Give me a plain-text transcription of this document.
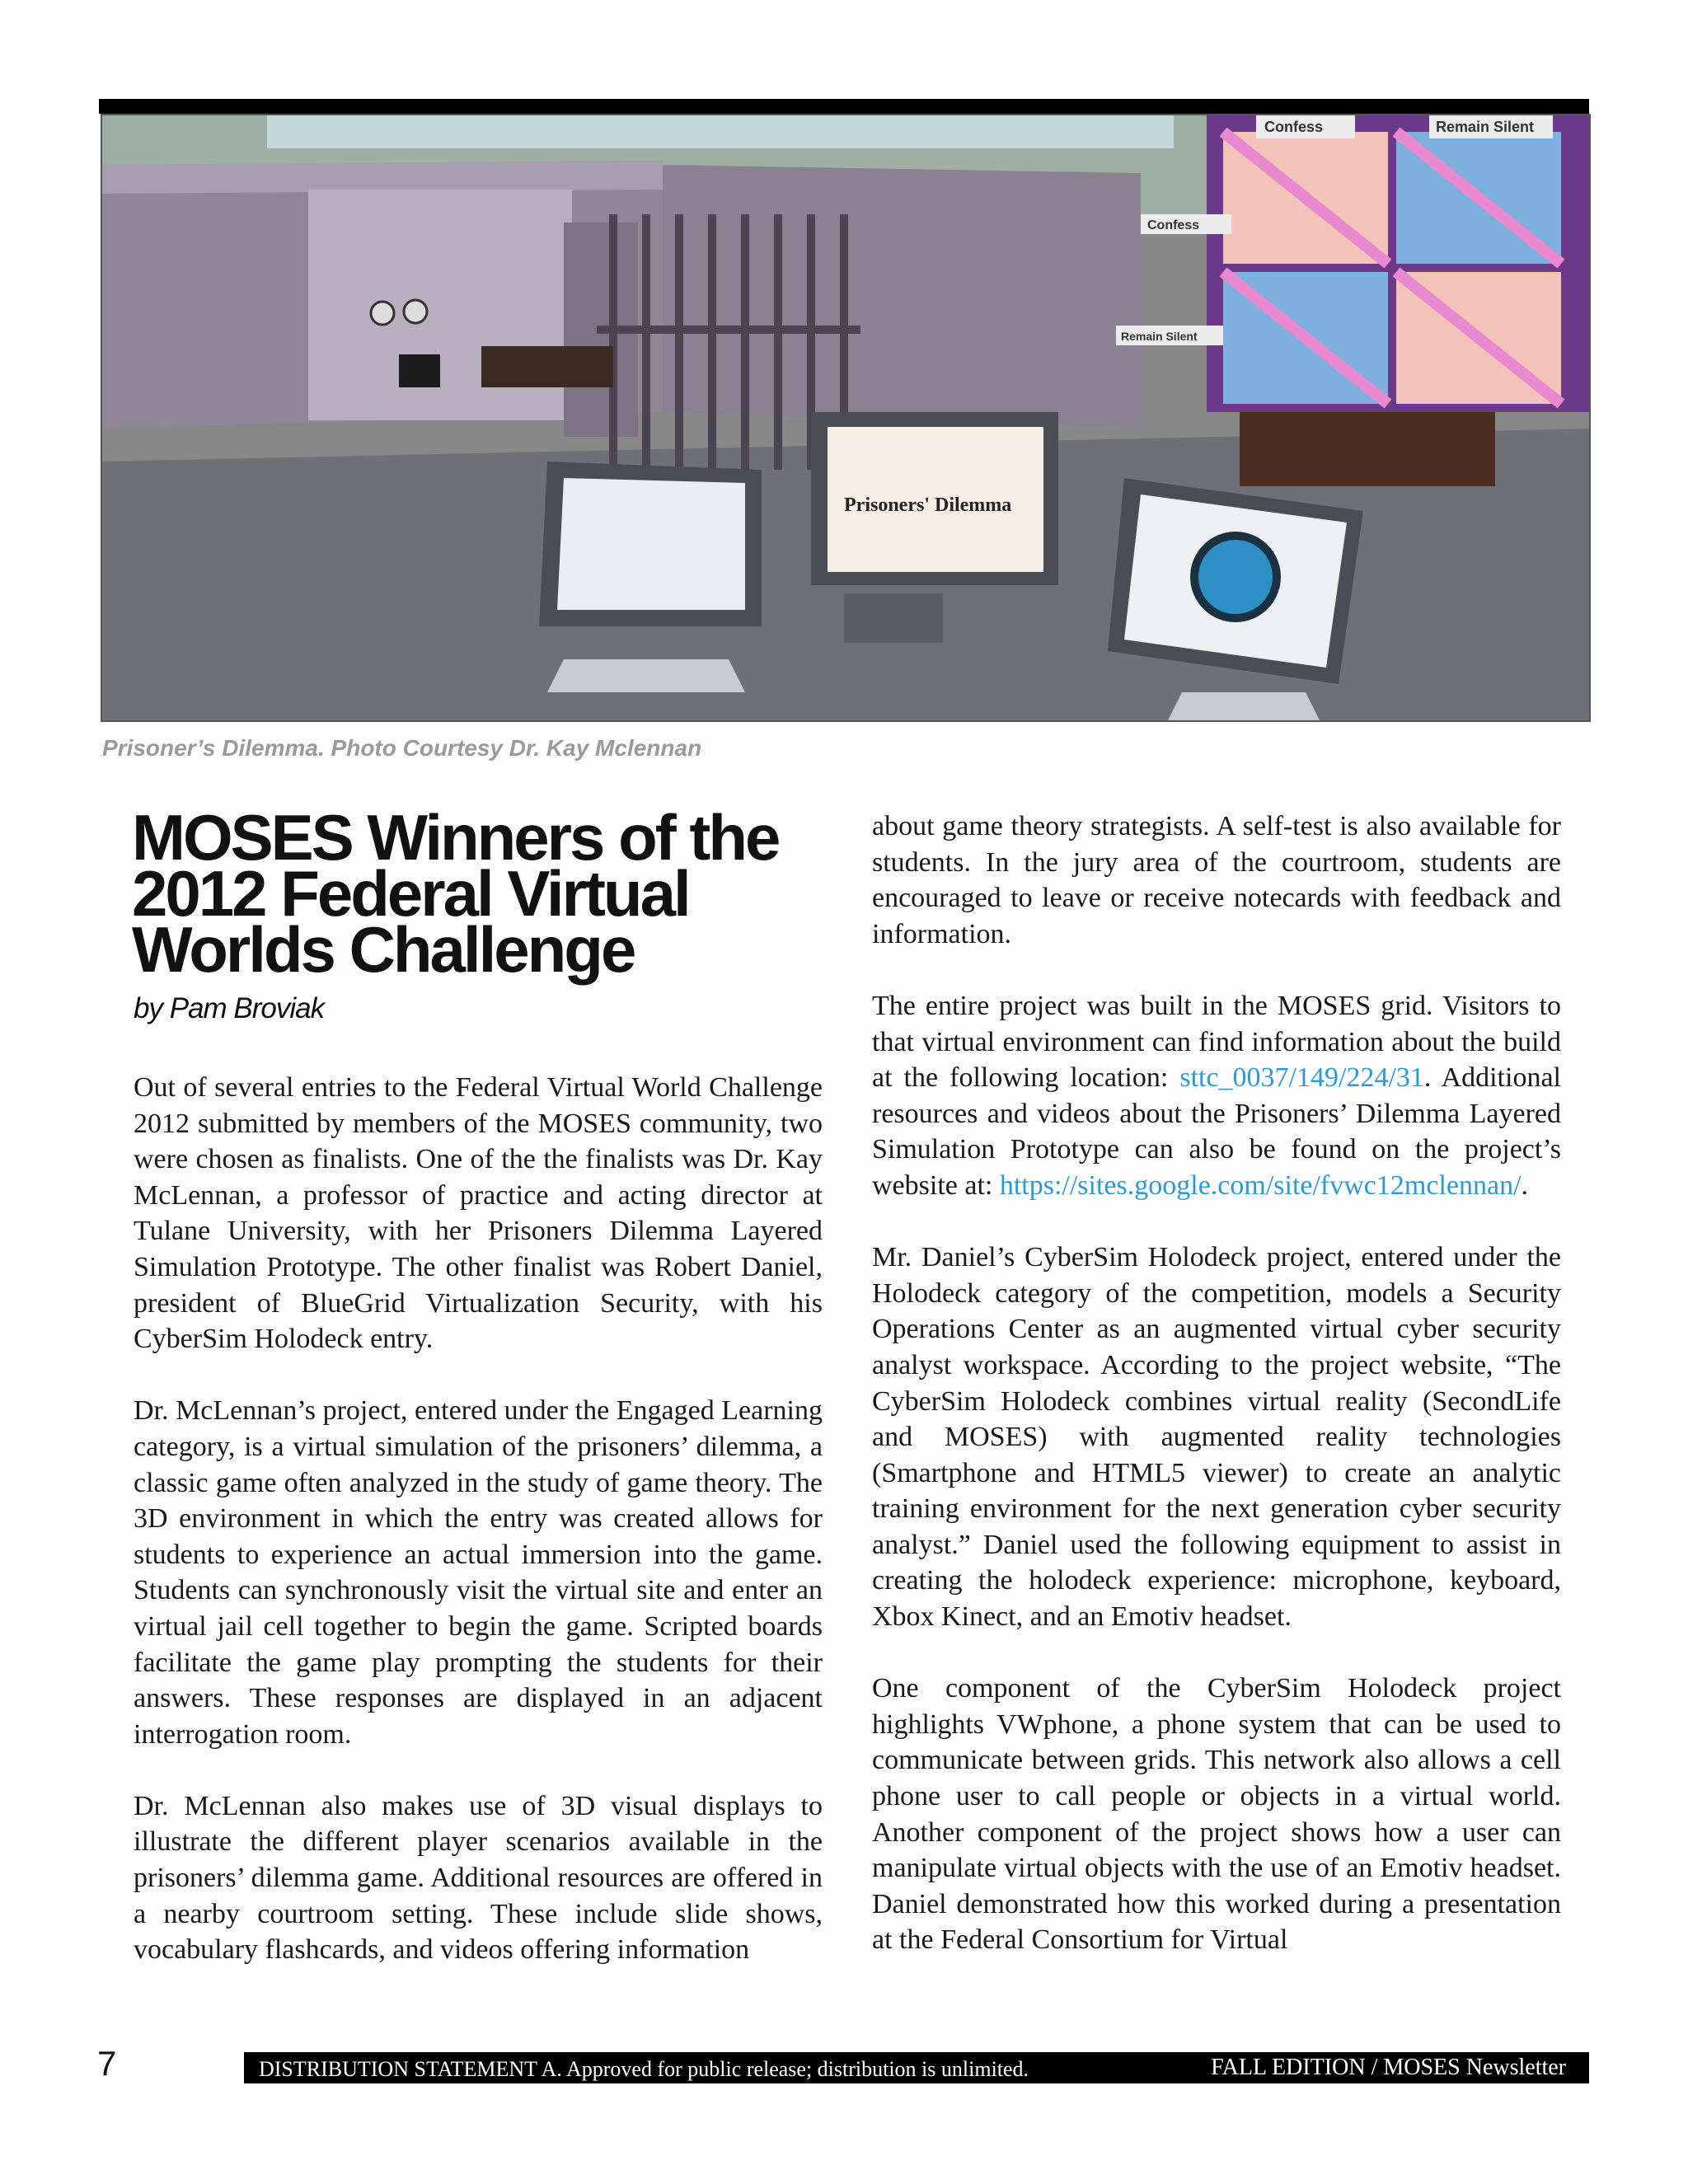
Confess	Remain Silent
Confess
Remain Silent
Prisoners' Dilemma
Prisoner’s Dilemma. Photo Courtesy Dr. Kay Mclennan
MOSES Winners of the
2012 Federal Virtual
Worlds Challenge
by Pam Broviak

Out of several entries to the Federal Virtual World Challenge 2012 submitted by members of the MOSES community, two were chosen as finalists. One of the the finalists was Dr. Kay McLennan, a professor of practice and acting director at Tulane University, with her Prisoners Dilemma Layered Simulation Prototype. The other finalist was Robert Daniel, president of BlueGrid Virtualization Security, with his CyberSim Holodeck entry.

Dr. McLennan’s project, entered under the Engaged Learning category, is a virtual simulation of the prisoners’ dilemma, a classic game often analyzed in the study of game theory. The 3D environment in which the entry was created allows for students to experience an actual immersion into the game. Students can synchronously visit the virtual site and enter an virtual jail cell together to begin the game. Scripted boards facilitate the game play prompting the students for their answers. These responses are displayed in an adjacent interrogation room.

Dr. McLennan also makes use of 3D visual displays to illustrate the different player scenarios available in the prisoners’ dilemma game. Additional resources are offered in a nearby courtroom setting. These include slide shows, vocabulary flashcards, and videos offering information

about game theory strategists. A self-test is also available for students. In the jury area of the courtroom, students are encouraged to leave or receive notecards with feedback and information.

The entire project was built in the MOSES grid. Visitors to that virtual environment can find information about the build at the following location: sttc_0037/149/224/31. Additional resources and videos about the Prisoners’ Dilemma Layered Simulation Prototype can also be found on the project’s website at: https://sites.google.com/site/fvwc12mclennan/.

Mr. Daniel’s CyberSim Holodeck project, entered under the Holodeck category of the competition, models a Security Operations Center as an augmented virtual cyber security analyst workspace. According to the project website, “The CyberSim Holodeck combines virtual reality (SecondLife and MOSES) with augmented reality technologies (Smartphone and HTML5 viewer) to create an analytic training environment for the next generation cyber security analyst.” Daniel used the following equipment to assist in creating the holodeck experience: microphone, keyboard, Xbox Kinect, and an Emotiv headset.

One component of the CyberSim Holodeck project highlights VWphone, a phone system that can be used to communicate between grids. This network also allows a cell phone user to call people or objects in a virtual world. Another component of the project shows how a user can manipulate virtual objects with the use of an Emotiv headset. Daniel demonstrated how this worked during a presentation at the Federal Consortium for Virtual

7	DISTRIBUTION STATEMENT A. Approved for public release; distribution is unlimited.	FALL EDITION / MOSES Newsletter
